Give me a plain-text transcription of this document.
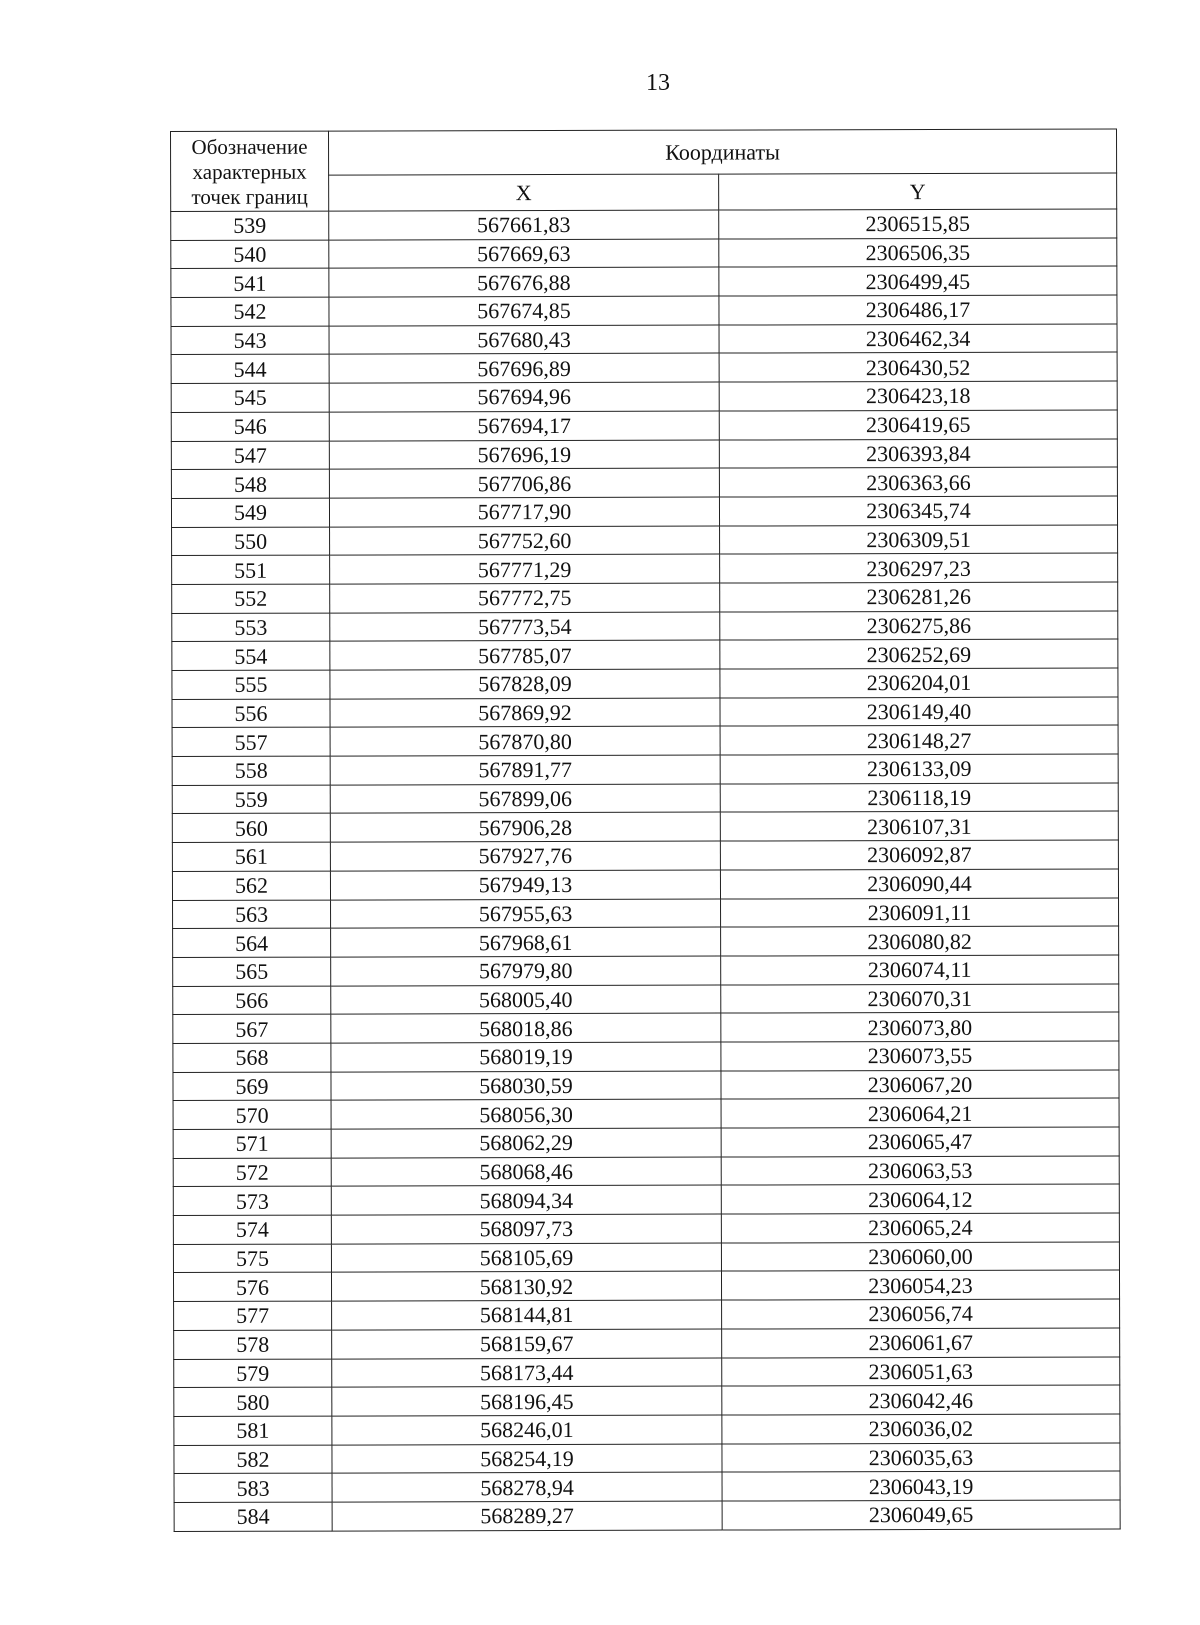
13
Обозначение характерных точек границ	Координаты	
	X	Y
539	567661,83	2306515,85
540	567669,63	2306506,35
541	567676,88	2306499,45
542	567674,85	2306486,17
543	567680,43	2306462,34
544	567696,89	2306430,52
545	567694,96	2306423,18
546	567694,17	2306419,65
547	567696,19	2306393,84
548	567706,86	2306363,66
549	567717,90	2306345,74
550	567752,60	2306309,51
551	567771,29	2306297,23
552	567772,75	2306281,26
553	567773,54	2306275,86
554	567785,07	2306252,69
555	567828,09	2306204,01
556	567869,92	2306149,40
557	567870,80	2306148,27
558	567891,77	2306133,09
559	567899,06	2306118,19
560	567906,28	2306107,31
561	567927,76	2306092,87
562	567949,13	2306090,44
563	567955,63	2306091,11
564	567968,61	2306080,82
565	567979,80	2306074,11
566	568005,40	2306070,31
567	568018,86	2306073,80
568	568019,19	2306073,55
569	568030,59	2306067,20
570	568056,30	2306064,21
571	568062,29	2306065,47
572	568068,46	2306063,53
573	568094,34	2306064,12
574	568097,73	2306065,24
575	568105,69	2306060,00
576	568130,92	2306054,23
577	568144,81	2306056,74
578	568159,67	2306061,67
579	568173,44	2306051,63
580	568196,45	2306042,46
581	568246,01	2306036,02
582	568254,19	2306035,63
583	568278,94	2306043,19
584	568289,27	2306049,65
